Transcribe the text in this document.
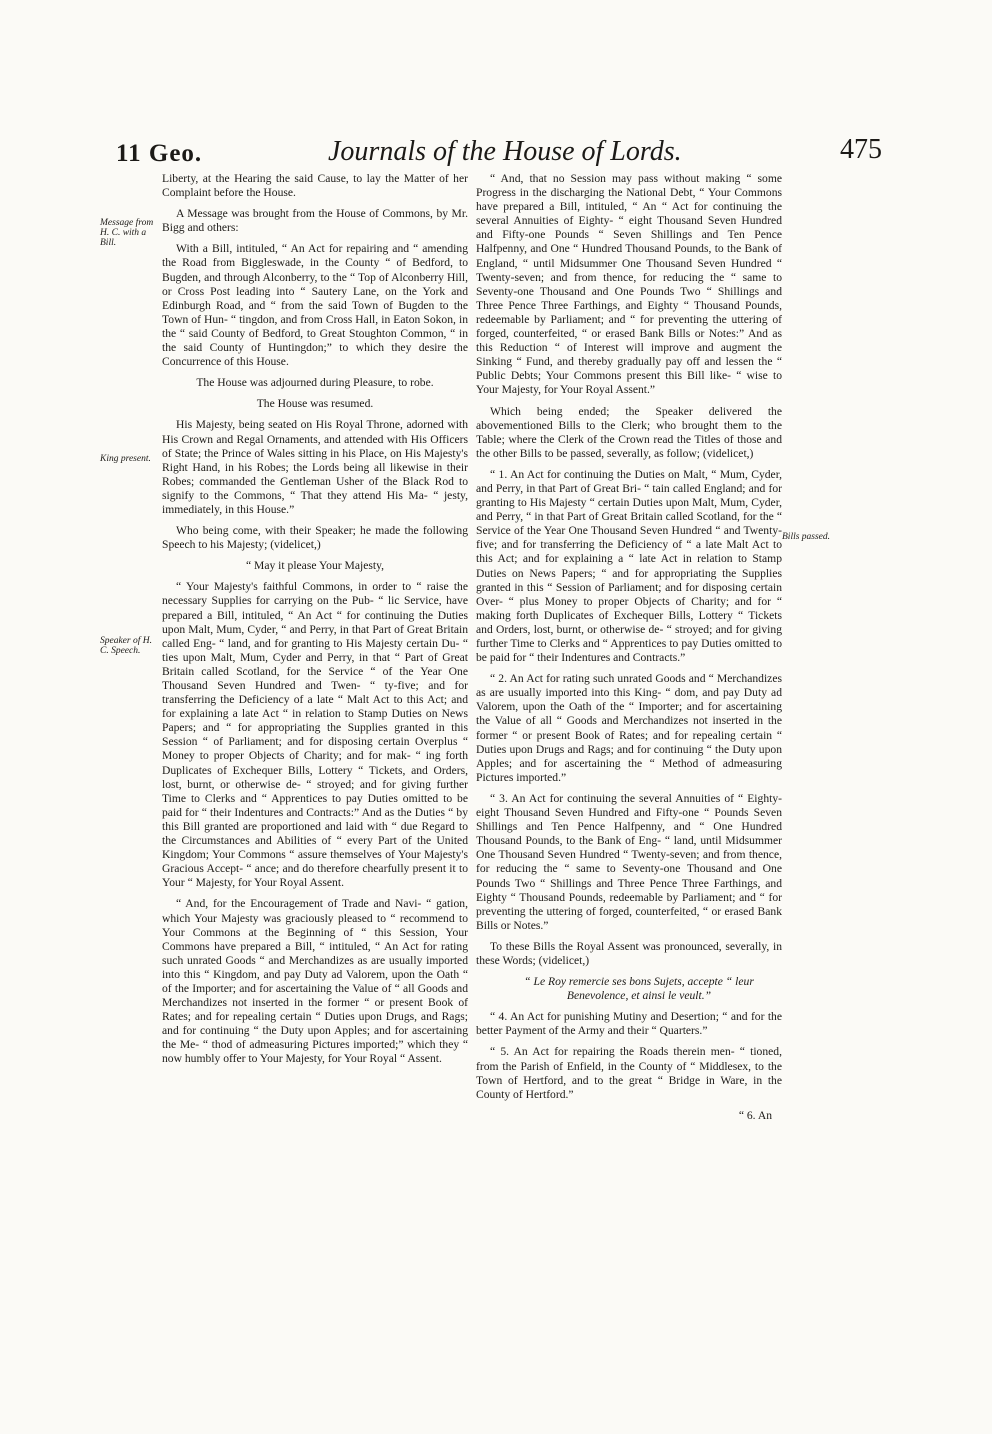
11 Geo.	Journals of the House of Lords.	475
Message from H. C. with a Bill.
King present.
Speaker of H. C. Speech.
Bills passed.

Liberty, at the Hearing the said Cause, to lay the Matter of her Complaint before the House.

A Message was brought from the House of Commons, by Mr. Bigg and others:

With a Bill, intituled, “ An Act for repairing and “ amending the Road from Biggleswade, in the County “ of Bedford, to Bugden, and through Alconberry, to the “ Top of Alconberry Hill, or Cross Post leading into “ Sautery Lane, on the York and Edinburgh Road, and “ from the said Town of Bugden to the Town of Hun- “ tingdon, and from Cross Hall, in Eaton Sokon, in the “ said County of Bedford, to Great Stoughton Common, “ in the said County of Huntingdon;” to which they desire the Concurrence of this House.

The House was adjourned during Pleasure, to robe.

The House was resumed.

His Majesty, being seated on His Royal Throne, adorned with His Crown and Regal Ornaments, and attended with His Officers of State; the Prince of Wales sitting in his Place, on His Majesty's Right Hand, in his Robes; the Lords being all likewise in their Robes; commanded the Gentleman Usher of the Black Rod to signify to the Commons, “ That they attend His Ma- “ jesty, immediately, in this House.”

Who being come, with their Speaker; he made the following Speech to his Majesty; (videlicet,)

“ May it please Your Majesty,

“ Your Majesty's faithful Commons, in order to “ raise the necessary Supplies for carrying on the Pub- “ lic Service, have prepared a Bill, intituled, “ An Act “ for continuing the Duties upon Malt, Mum, Cyder, “ and Perry, in that Part of Great Britain called Eng- “ land, and for granting to His Majesty certain Du- “ ties upon Malt, Mum, Cyder and Perry, in that “ Part of Great Britain called Scotland, for the Service “ of the Year One Thousand Seven Hundred and Twen- “ ty-five; and for transferring the Deficiency of a late “ Malt Act to this Act; and for explaining a late Act “ in relation to Stamp Duties on News Papers; and “ for appropriating the Supplies granted in this Session “ of Parliament; and for disposing certain Overplus “ Money to proper Objects of Charity; and for mak- “ ing forth Duplicates of Exchequer Bills, Lottery “ Tickets, and Orders, lost, burnt, or otherwise de- “ stroyed; and for giving further Time to Clerks and “ Apprentices to pay Duties omitted to be paid for “ their Indentures and Contracts:” And as the Duties “ by this Bill granted are proportioned and laid with “ due Regard to the Circumstances and Abilities of “ every Part of the United Kingdom; Your Commons “ assure themselves of Your Majesty's Gracious Accept- “ ance; and do therefore chearfully present it to Your “ Majesty, for Your Royal Assent.

“ And, for the Encouragement of Trade and Navi- “ gation, which Your Majesty was graciously pleased to “ recommend to Your Commons at the Beginning of “ this Session, Your Commons have prepared a Bill, “ intituled, “ An Act for rating such unrated Goods “ and Merchandizes as are usually imported into this “ Kingdom, and pay Duty ad Valorem, upon the Oath “ of the Importer; and for ascertaining the Value of “ all Goods and Merchandizes not inserted in the former “ or present Book of Rates; and for repealing certain “ Duties upon Drugs, and Rags; and for continuing “ the Duty upon Apples; and for ascertaining the Me- “ thod of admeasuring Pictures imported;” which they “ now humbly offer to Your Majesty, for Your Royal “ Assent.

“ And, that no Session may pass without making “ some Progress in the discharging the National Debt, “ Your Commons have prepared a Bill, intituled, “ An “ Act for continuing the several Annuities of Eighty- “ eight Thousand Seven Hundred and Fifty-one Pounds “ Seven Shillings and Ten Pence Halfpenny, and One “ Hundred Thousand Pounds, to the Bank of England, “ until Midsummer One Thousand Seven Hundred “ Twenty-seven; and from thence, for reducing the “ same to Seventy-one Thousand and One Pounds Two “ Shillings and Three Pence Three Farthings, and Eighty “ Thousand Pounds, redeemable by Parliament; and “ for preventing the uttering of forged, counterfeited, “ or erased Bank Bills or Notes:” And as this Reduction “ of Interest will improve and augment the Sinking “ Fund, and thereby gradually pay off and lessen the “ Public Debts; Your Commons present this Bill like- “ wise to Your Majesty, for Your Royal Assent.”

Which being ended; the Speaker delivered the abovementioned Bills to the Clerk; who brought them to the Table; where the Clerk of the Crown read the Titles of those and the other Bills to be passed, severally, as follow; (videlicet,)

“ 1. An Act for continuing the Duties on Malt, “ Mum, Cyder, and Perry, in that Part of Great Bri- “ tain called England; and for granting to His Majesty “ certain Duties upon Malt, Mum, Cyder, and Perry, “ in that Part of Great Britain called Scotland, for the “ Service of the Year One Thousand Seven Hundred “ and Twenty-five; and for transferring the Deficiency of “ a late Malt Act to this Act; and for explaining a “ late Act in relation to Stamp Duties on News Papers; “ and for appropriating the Supplies granted in this “ Session of Parliament; and for disposing certain Over- “ plus Money to proper Objects of Charity; and for “ making forth Duplicates of Exchequer Bills, Lottery “ Tickets and Orders, lost, burnt, or otherwise de- “ stroyed; and for giving further Time to Clerks and “ Apprentices to pay Duties omitted to be paid for “ their Indentures and Contracts.”

“ 2. An Act for rating such unrated Goods and “ Merchandizes as are usually imported into this King- “ dom, and pay Duty ad Valorem, upon the Oath of the “ Importer; and for ascertaining the Value of all “ Goods and Merchandizes not inserted in the former “ or present Book of Rates; and for repealing certain “ Duties upon Drugs and Rags; and for continuing “ the Duty upon Apples; and for ascertaining the “ Method of admeasuring Pictures imported.”

“ 3. An Act for continuing the several Annuities of “ Eighty-eight Thousand Seven Hundred and Fifty-one “ Pounds Seven Shillings and Ten Pence Halfpenny, and “ One Hundred Thousand Pounds, to the Bank of Eng- “ land, until Midsummer One Thousand Seven Hundred “ Twenty-seven; and from thence, for reducing the “ same to Seventy-one Thousand and One Pounds Two “ Shillings and Three Pence Three Farthings, and Eighty “ Thousand Pounds, redeemable by Parliament; and “ for preventing the uttering of forged, counterfeited, “ or erased Bank Bills or Notes.”

To these Bills the Royal Assent was pronounced, severally, in these Words; (videlicet,)

“ Le Roy remercie ses bons Sujets, accepte “ leur Benevolence, et ainsi le veult.”

“ 4. An Act for punishing Mutiny and Desertion; “ and for the better Payment of the Army and their “ Quarters.”

“ 5. An Act for repairing the Roads therein men- “ tioned, from the Parish of Enfield, in the County of “ Middlesex, to the Town of Hertford, and to the great “ Bridge in Ware, in the County of Hertford.”

“ 6. An
